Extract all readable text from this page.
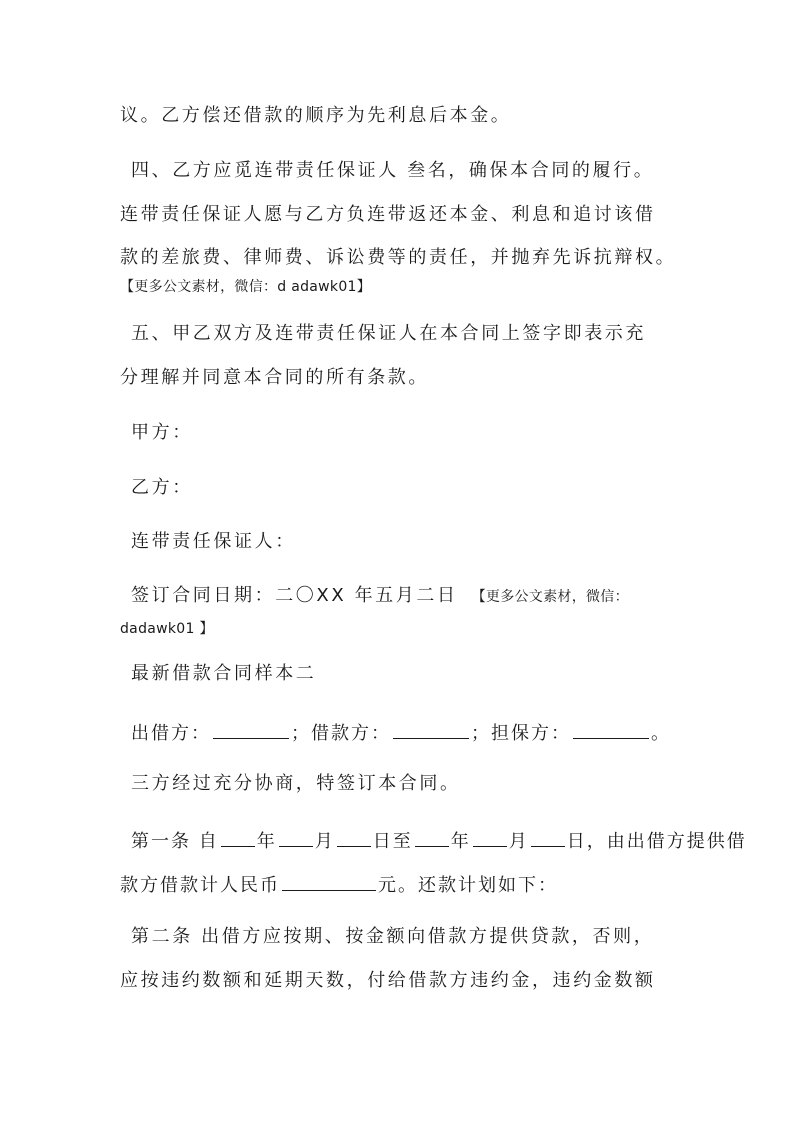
议。乙方偿还借款的顺序为先利息后本金。
四、乙方应觅连带责任保证人 叁名，确保本合同的履行。
连带责任保证人愿与乙方负连带返还本金、利息和追讨该借
款的差旅费、律师费、诉讼费等的责任，并抛弃先诉抗辩权。
【更多公文素材，微信：d adawk01】
五、甲乙双方及连带责任保证人在本合同上签字即表示充
分理解并同意本合同的所有条款。
甲方：
乙方：
连带责任保证人：
签订合同日期：二〇XX 年五月二日 【更多公文素材，微信：
dadawk01 】
最新借款合同样本二
出借方：	；借款方：	；担保方：	。
三方经过充分协商，特签订本合同。
第一条 自 年 月 日至 年 月 日，由出借方提供借
款方借款计人民币	元。还款计划如下：
第二条 出借方应按期、按金额向借款方提供贷款，否则，
应按违约数额和延期天数，付给借款方违约金，违约金数额
